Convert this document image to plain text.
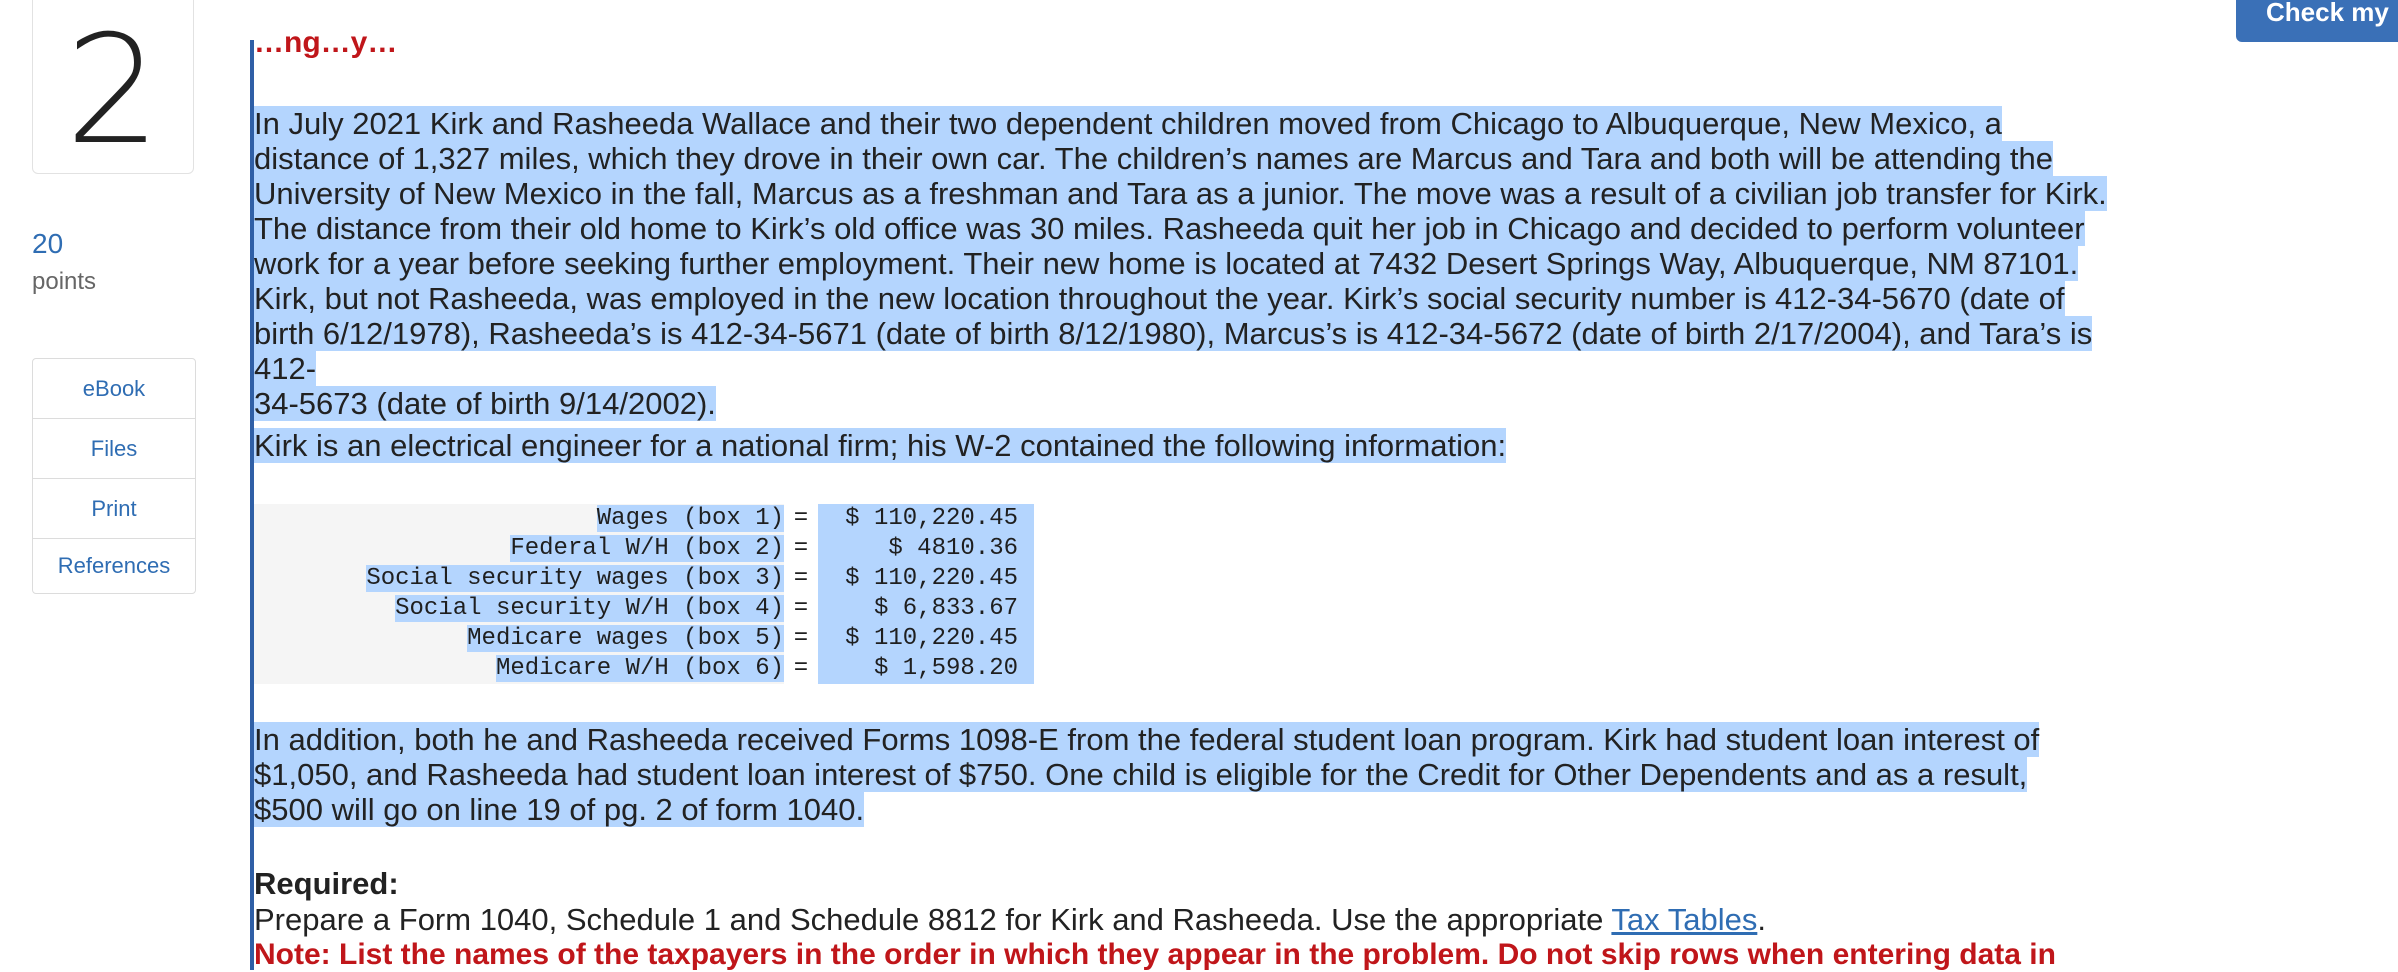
2
20
points
eBook
Files
Print
References
Check my
…ng…y…
In July 2021 Kirk and Rasheeda Wallace and their two dependent children moved from Chicago to Albuquerque, New Mexico, a
distance of 1,327 miles, which they drove in their own car. The children’s names are Marcus and Tara and both will be attending the
University of New Mexico in the fall, Marcus as a freshman and Tara as a junior. The move was a result of a civilian job transfer for Kirk.
The distance from their old home to Kirk’s old office was 30 miles. Rasheeda quit her job in Chicago and decided to perform volunteer
work for a year before seeking further employment. Their new home is located at 7432 Desert Springs Way, Albuquerque, NM 87101.
Kirk, but not Rasheeda, was employed in the new location throughout the year. Kirk’s social security number is 412-34-5670 (date of
birth 6/12/1978), Rasheeda’s is 412-34-5671 (date of birth 8/12/1980), Marcus’s is 412-34-5672 (date of birth 2/17/2004), and Tara’s is 412-
34-5673 (date of birth 9/14/2002).
Kirk is an electrical engineer for a national firm; his W-2 contained the following information:
Wages (box 1)	=	$ 110,220.45
Federal W/H (box 2)	=	$ 4810.36
Social security wages (box 3)	=	$ 110,220.45
Social security W/H (box 4)	=	$ 6,833.67
Medicare wages (box 5)	=	$ 110,220.45
Medicare W/H (box 6)	=	$ 1,598.20
In addition, both he and Rasheeda received Forms 1098-E from the federal student loan program. Kirk had student loan interest of
$1,050, and Rasheeda had student loan interest of $750. One child is eligible for the Credit for Other Dependents and as a result,
$500 will go on line 19 of pg. 2 of form 1040.
Required:
Prepare a Form 1040, Schedule 1 and Schedule 8812 for Kirk and Rasheeda. Use the appropriate Tax Tables.
Note: List the names of the taxpayers in the order in which they appear in the problem. Do not skip rows when entering data in
